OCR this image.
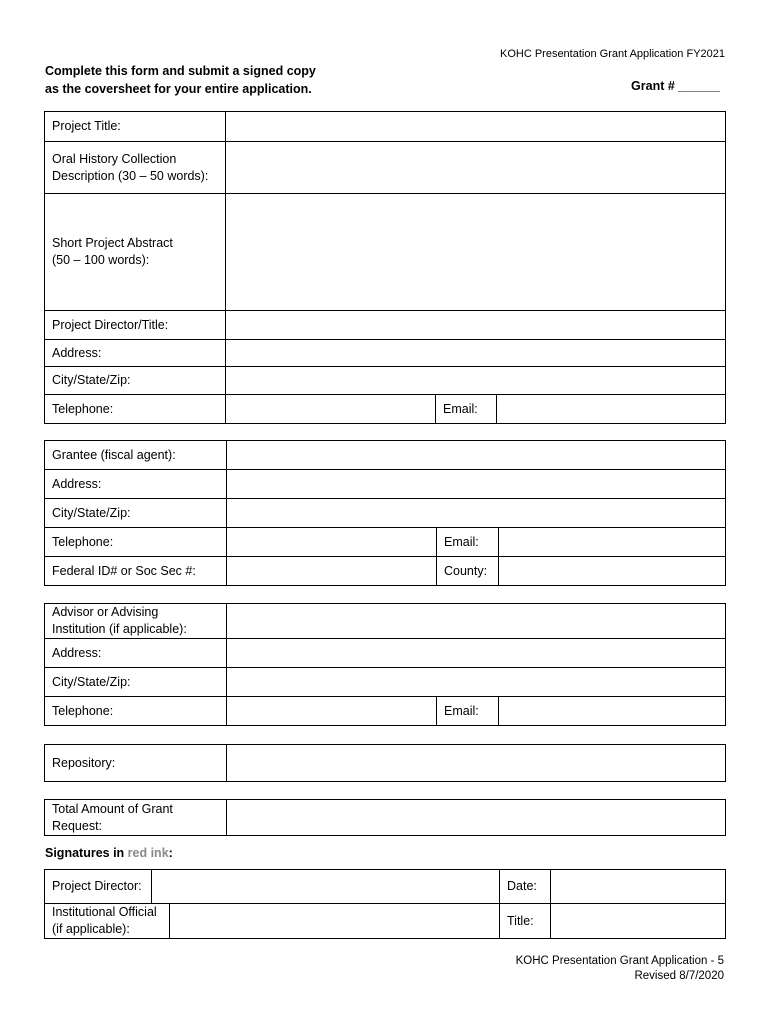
KOHC Presentation Grant Application FY2021
Complete this form and submit a signed copy
as the coversheet for your entire application.	Grant # ______
Project Title:			

Oral History Collection
Description (30 – 50 words):			

Short Project Abstract
(50 – 100 words):			

Project Director/Title:			
Address:			
City/State/Zip:			
Telephone:		Email:	
Grantee (fiscal agent):			
Address:			
City/State/Zip:			
Telephone:		Email:	
Federal ID# or Soc Sec #:		County:	
Advisor or Advising
Institution (if applicable):			

Address:			
City/State/Zip:			
Telephone:		Email:	
Repository:	
Total Amount of Grant
Request:

Signatures in red ink:
Project Director:			Date:	

Institutional Official
(if applicable):			Title:	
KOHC Presentation Grant Application - 5
Revised 8/7/2020
